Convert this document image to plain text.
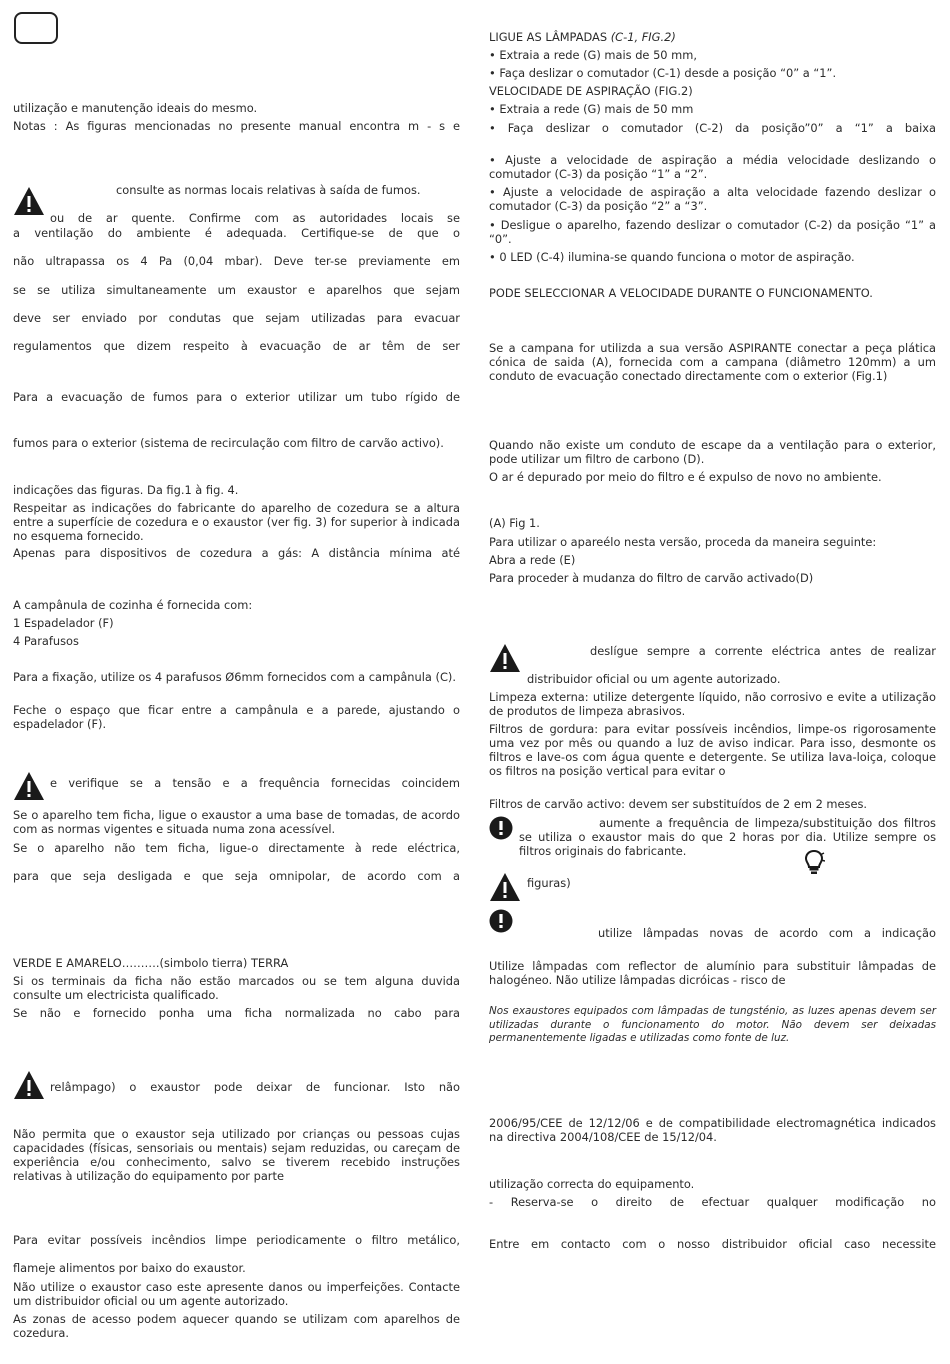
utilização e manutenção ideais do mesmo.

Notas : As figuras mencionadas no presente manual encontra m - s e

consulte as normas locais relativas à saída de fumos.

ou de ar quente. Confirme com as autoridades locais se

a ventilação do ambiente é adequada. Certifique-se de que o

não ultrapassa os 4 Pa (0,04 mbar). Deve ter-se previamente em

se se utiliza simultaneamente um exaustor e aparelhos que sejam

deve ser enviado por condutas que sejam utilizadas para evacuar

regulamentos que dizem respeito à evacuação de ar têm de ser

Para a evacuação de fumos para o exterior utilizar um tubo rígido de

fumos para o exterior (sistema de recirculação com filtro de carvão activo).

indicações das figuras. Da fig.1 à fig. 4.

Respeitar as indicações do fabricante do aparelho de cozedura se a altura entre a superfície de cozedura e o exaustor (ver fig. 3) for superior à indicada no esquema fornecido.

Apenas para dispositivos de cozedura a gás: A distância mínima até

A campânula de cozinha é fornecida com:

1 Espadelador (F)

4 Parafusos

Para a fixação, utilize os 4 parafusos Ø6mm fornecidos com a campânula (C).

Feche o espaço que ficar entre a campânula e a parede, ajustando o espadelador (F).

e verifique se a tensão e a frequência fornecidas coincidem

Se o aparelho tem ficha, ligue o exaustor a uma base de tomadas, de acordo com as normas vigentes e situada numa zona acessível.

Se o aparelho não tem ficha, ligue-o directamente à rede eléctrica,

para que seja desligada e que seja omnipolar, de acordo com a

VERDE E AMARELO……….(simbolo tierra) TERRA

Si os terminais da ficha não estão marcados ou se tem alguna duvida consulte um electricista qualificado.

Se não e fornecido ponha uma ficha normalizada no cabo para

relâmpago) o exaustor pode deixar de funcionar. Isto não

Não permita que o exaustor seja utilizado por crianças ou pessoas cujas capacidades (físicas, sensoriais ou mentais) sejam reduzidas, ou careçam de experiência e/ou conhecimento, salvo se tiverem recebido instruções relativas à utilização do equipamento por parte

Para evitar possíveis incêndios limpe periodicamente o filtro metálico,

flameje alimentos por baixo do exaustor.

Não utilize o exaustor caso este apresente danos ou imperfeições. Contacte um distribuidor oficial ou um agente autorizado.

As zonas de acesso podem aquecer quando se utilizam com aparelhos de cozedura.

LIGUE AS LÂMPADAS (C-1, FIG.2)

• Extraia a rede (G) mais de 50 mm,

• Faça deslizar o comutador (C-1) desde a posição “0” a “1”.

VELOCIDADE DE ASPIRAÇÃO (FIG.2)

• Extraia a rede (G) mais de 50 mm

• Faça deslizar o comutador (C-2) da posição”0” a “1” a baixa

• Ajuste a velocidade de aspiração a média velocidade deslizando o comutador (C-3) da posição “1” a “2”.

• Ajuste a velocidade de aspiração a alta velocidade fazendo deslizar o comutador (C-3) da posição “2” a “3”.

• Desligue o aparelho, fazendo deslizar o comutador (C-2) da posição “1” a “0”.

• 0 LED (C-4) ilumina-se quando funciona o motor de aspiração.

PODE SELECCIONAR A VELOCIDADE DURANTE O FUNCIONAMENTO.

Se a campana for utilizda a sua versão ASPIRANTE conectar a peça plática cónica de saida (A), fornecida com a campana (diâmetro 120mm) a um conduto de evacuação conectado directamente com o exterior (Fig.1)

Quando não existe um conduto de escape da a ventilação para o exterior, pode utilizar um filtro de carbono (D).

O ar é depurado por meio do filtro e é expulso de novo no ambiente.

(A) Fig 1.

Para utilizar o apareélo nesta versão, proceda da maneira seguinte:

Abra a rede (E)

Para proceder à mudanza do filtro de carvão activado(D)

deslígue sempre a corrente eléctrica antes de realizar

distribuidor oficial ou um agente autorizado.

Limpeza externa: utilize detergente líquido, não corrosivo e evite a utilização de produtos de limpeza abrasivos.

Filtros de gordura: para evitar possíveis incêndios, limpe-os rigorosamente uma vez por mês ou quando a luz de aviso indicar. Para isso, desmonte os filtros e lave-os com água quente e detergente. Se utiliza lava-loiça, coloque os filtros na posição vertical para evitar o

Filtros de carvão activo: devem ser substituídos de 2 em 2 meses.

aumente a frequência de limpeza/substituição dos filtros se utiliza o exaustor mais do que 2 horas por dia. Utilize sempre os filtros originais do fabricante.

figuras)

utilize lâmpadas novas de acordo com a indicação

Utilize lâmpadas com reflector de alumínio para substituir lâmpadas de halogéneo. Não utilize lâmpadas dicróicas - risco de

Nos exaustores equipados com lâmpadas de tungsténio, as luzes apenas devem ser utilizadas durante o funcionamento do motor. Não devem ser deixadas permanentemente ligadas e utilizadas como fonte de luz.

2006/95/CEE de 12/12/06 e de compatibilidade electromagnética indicados na directiva 2004/108/CEE de 15/12/04.

utilização correcta do equipamento.

- Reserva-se o direito de efectuar qualquer modificação no

Entre em contacto com o nosso distribuidor oficial caso necessite
